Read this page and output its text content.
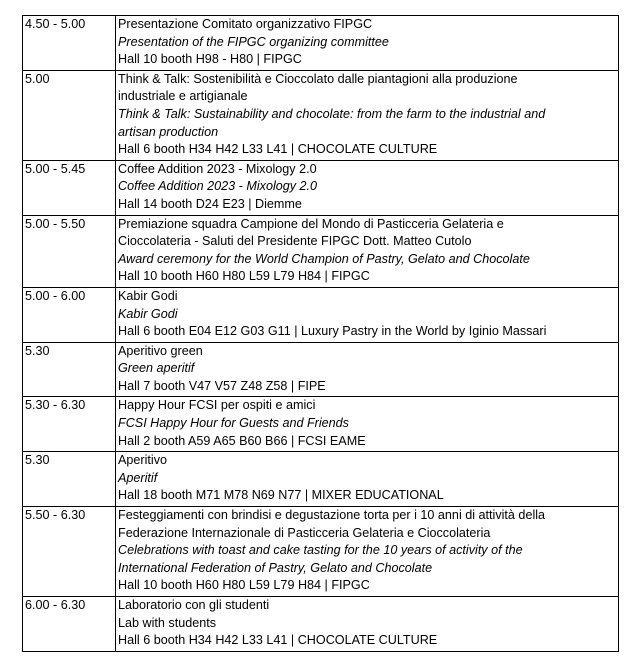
4.50 - 5.00	Presentazione Comitato organizzativo FIPGC
Presentation of the FIPGC organizing committee
Hall 10 booth H98 - H80 | FIPGC

5.00	Think & Talk: Sostenibilità e Cioccolato dalle piantagioni alla produzione
industriale e artigianale
Think & Talk: Sustainability and chocolate: from the farm to the industrial and
artisan production
Hall 6 booth H34 H42 L33 L41 | CHOCOLATE CULTURE

5.00 - 5.45	Coffee Addition 2023 - Mixology 2.0
Coffee Addition 2023 - Mixology 2.0
Hall 14 booth D24 E23 | Diemme

5.00 - 5.50	Premiazione squadra Campione del Mondo di Pasticceria Gelateria e
Cioccolateria - Saluti del Presidente FIPGC Dott. Matteo Cutolo
Award ceremony for the World Champion of Pastry, Gelato and Chocolate
Hall 10 booth H60 H80 L59 L79 H84 | FIPGC

5.00 - 6.00	Kabir Godi
Kabir Godi
Hall 6 booth E04 E12 G03 G11 | Luxury Pastry in the World by Iginio Massari

5.30	Aperitivo green
Green aperitif
Hall 7 booth V47 V57 Z48 Z58 | FIPE

5.30 - 6.30	Happy Hour FCSI per ospiti e amici
FCSI Happy Hour for Guests and Friends
Hall 2 booth A59 A65 B60 B66 | FCSI EAME

5.30	Aperitivo
Aperitif
Hall 18 booth M71 M78 N69 N77 | MIXER EDUCATIONAL

5.50 - 6.30	Festeggiamenti con brindisi e degustazione torta per i 10 anni di attività della
Federazione Internazionale di Pasticceria Gelateria e Cioccolateria
Celebrations with toast and cake tasting for the 10 years of activity of the
International Federation of Pastry, Gelato and Chocolate
Hall 10 booth H60 H80 L59 L79 H84 | FIPGC

6.00 - 6.30	Laboratorio con gli studenti
Lab with students
Hall 6 booth H34 H42 L33 L41 | CHOCOLATE CULTURE
